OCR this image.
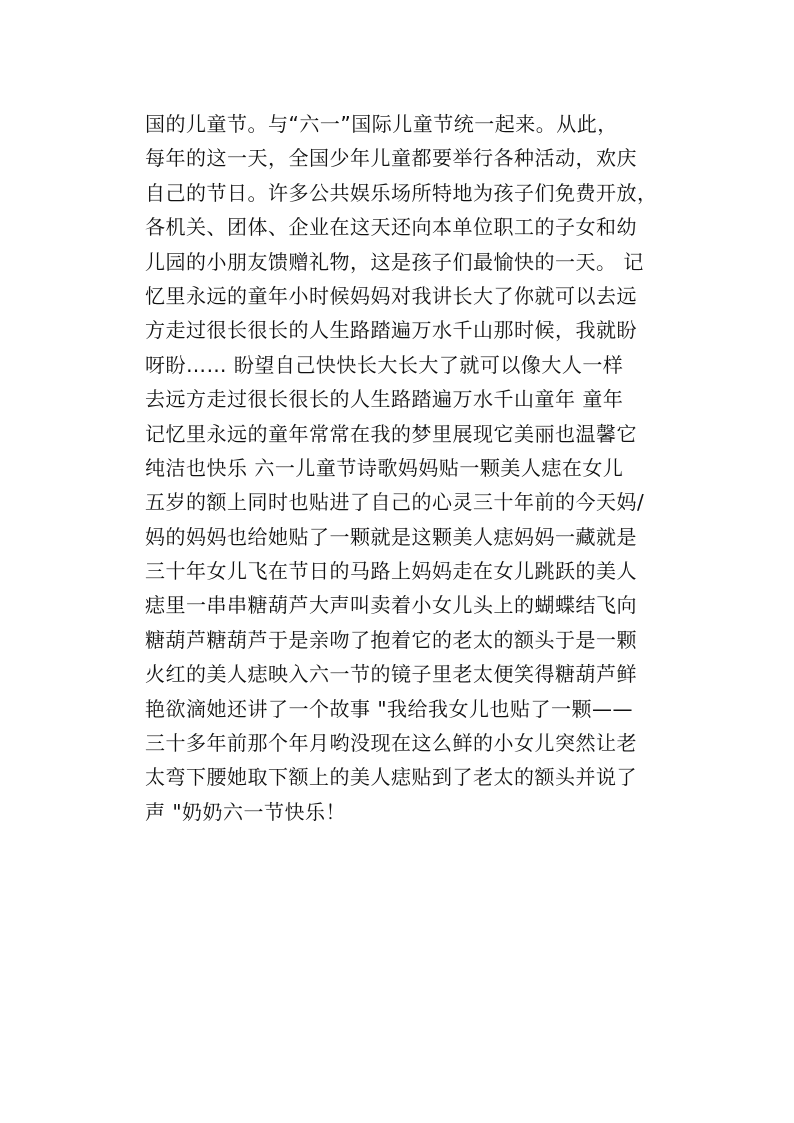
国的儿童节。与“六一”国际儿童节统一起来。从此，
每年的这一天，全国少年儿童都要举行各种活动，欢庆
自己的节日。许多公共娱乐场所特地为孩子们免费开放，
各机关、团体、企业在这天还向本单位职工的子女和幼
儿园的小朋友馈赠礼物，这是孩子们最愉快的一天。 记
忆里永远的童年小时候妈妈对我讲长大了你就可以去远
方走过很长很长的人生路踏遍万水千山那时候，我就盼
呀盼…… 盼望自己快快长大长大了就可以像大人一样
去远方走过很长很长的人生路踏遍万水千山童年 童年
记忆里永远的童年常常在我的梦里展现它美丽也温馨它
纯洁也快乐 六一儿童节诗歌妈妈贴一颗美人痣在女儿
五岁的额上同时也贴进了自己的心灵三十年前的今天妈/
妈的妈妈也给她贴了一颗就是这颗美人痣妈妈一藏就是
三十年女儿飞在节日的马路上妈妈走在女儿跳跃的美人
痣里一串串糖葫芦大声叫卖着小女儿头上的蝴蝶结飞向
糖葫芦糖葫芦于是亲吻了抱着它的老太的额头于是一颗
火红的美人痣映入六一节的镜子里老太便笑得糖葫芦鲜
艳欲滴她还讲了一个故事 "我给我女儿也贴了一颗——
三十多年前那个年月哟没现在这么鲜的小女儿突然让老
太弯下腰她取下额上的美人痣贴到了老太的额头并说了
声 "奶奶六一节快乐！
